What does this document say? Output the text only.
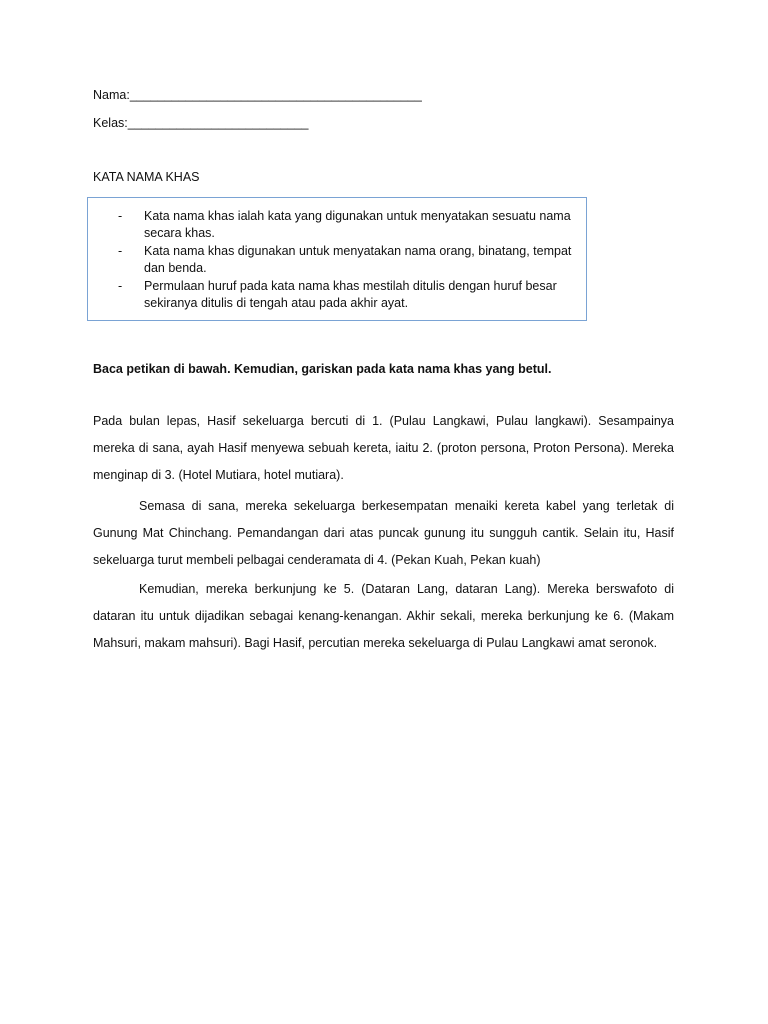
Nama:__________________________________________
Kelas:__________________________
KATA NAMA KHAS
- Kata nama khas ialah kata yang digunakan untuk menyatakan sesuatu nama secara khas.
- Kata nama khas digunakan untuk menyatakan nama orang, binatang, tempat dan benda.
- Permulaan huruf pada kata nama khas mestilah ditulis dengan huruf besar sekiranya ditulis di tengah atau pada akhir ayat.
Baca petikan di bawah. Kemudian, gariskan pada kata nama khas yang betul.

Pada bulan lepas, Hasif sekeluarga bercuti di 1. (Pulau Langkawi, Pulau langkawi). Sesampainya mereka di sana, ayah Hasif menyewa sebuah kereta, iaitu 2. (proton persona, Proton Persona). Mereka menginap di 3. (Hotel Mutiara, hotel mutiara).

Semasa di sana, mereka sekeluarga berkesempatan menaiki kereta kabel yang terletak di Gunung Mat Chinchang. Pemandangan dari atas puncak gunung itu sungguh cantik. Selain itu, Hasif sekeluarga turut membeli pelbagai cenderamata di 4. (Pekan Kuah, Pekan kuah)

Kemudian, mereka berkunjung ke 5. (Dataran Lang, dataran Lang). Mereka berswafoto di dataran itu untuk dijadikan sebagai kenang-kenangan. Akhir sekali, mereka berkunjung ke 6. (Makam Mahsuri, makam mahsuri). Bagi Hasif, percutian mereka sekeluarga di Pulau Langkawi amat seronok.
